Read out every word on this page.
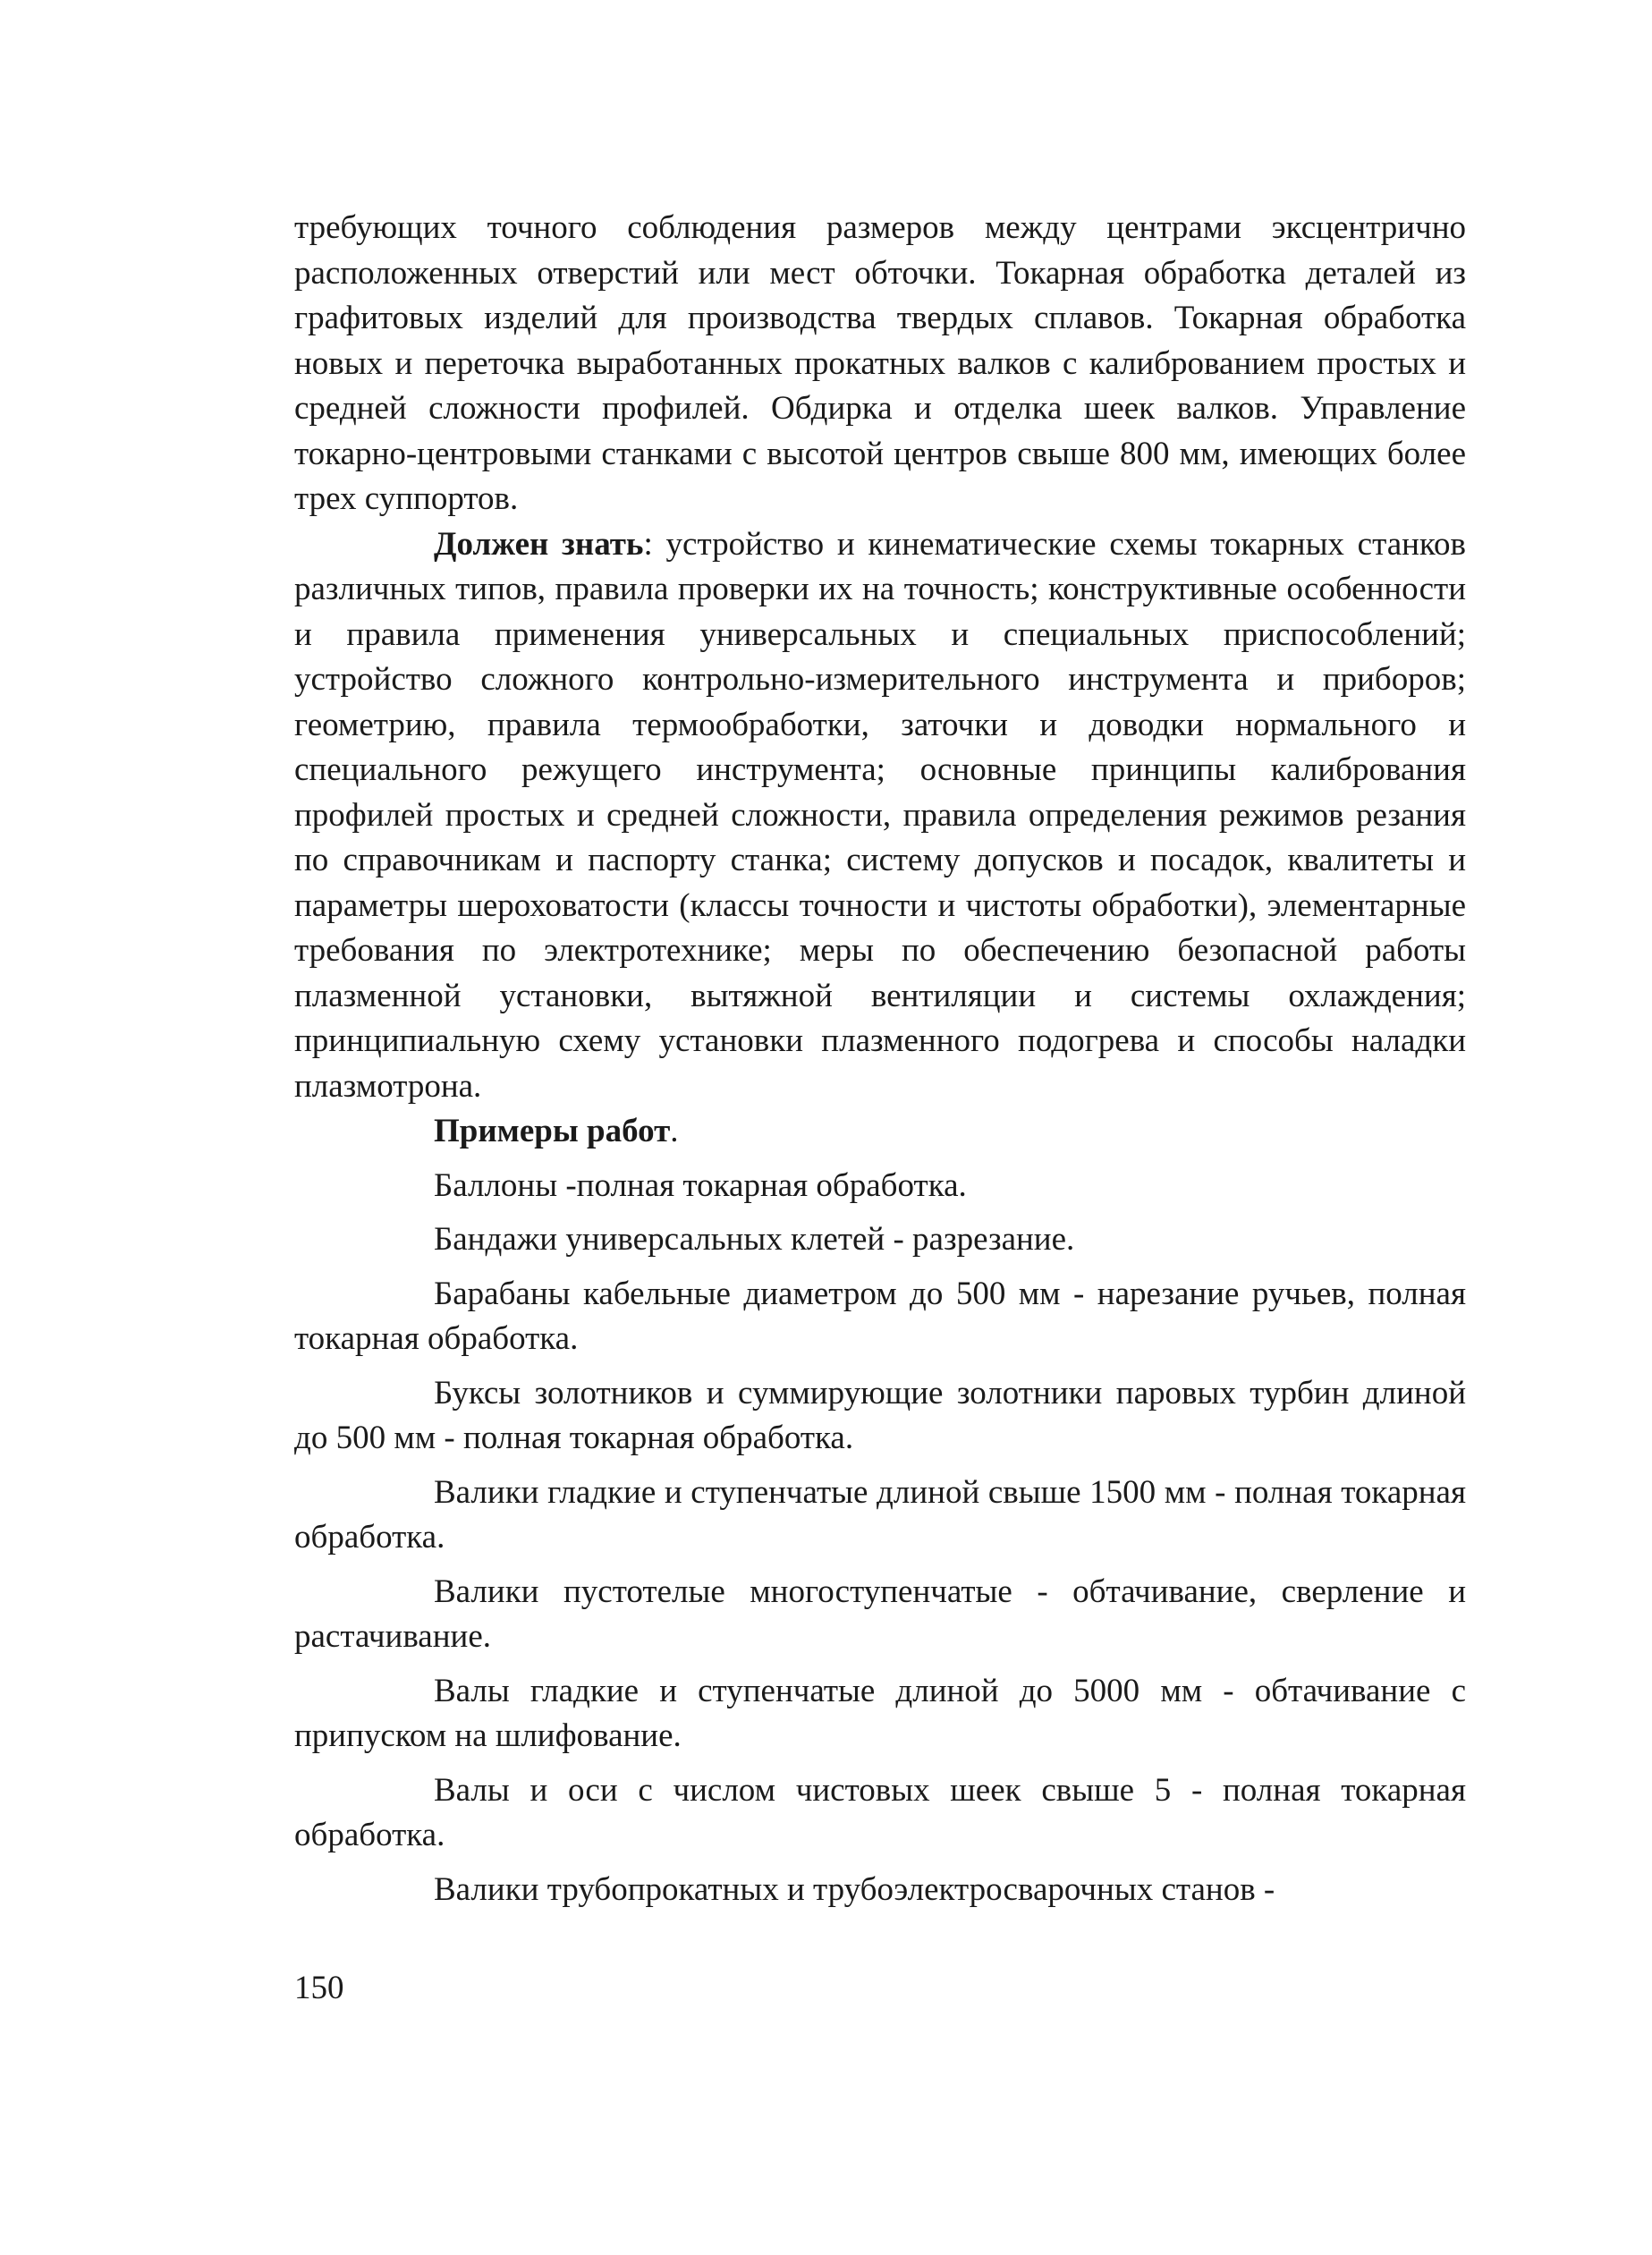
требующих точного соблюдения размеров между центрами эксцентрично расположенных отверстий или мест обточки. Токарная обработка деталей из графитовых изделий для производства твердых сплавов. Токарная обработка новых и переточка выработанных прокатных валков с калиброванием простых и средней сложности профилей. Обдирка и отделка шеек валков. Управление токарно-центровыми станками с высотой центров свыше 800 мм, имеющих более трех суппортов.

Должен знать: устройство и кинематические схемы токарных станков различных типов, правила проверки их на точность; конструктивные особенности и правила применения универсальных и специальных приспособлений; устройство сложного контрольно-измерительного инструмента и приборов; геометрию, правила термообработки, заточки и доводки нормального и специального режущего инструмента; основные принципы калибрования профилей простых и средней сложности, правила определения режимов резания по справочникам и паспорту станка; систему допусков и посадок, квалитеты и параметры шероховатости (классы точности и чистоты обработки), элементарные требования по электротехнике; меры по обеспечению безопасной работы плазменной установки, вытяжной вентиляции и системы охлаждения; принципиальную схему установки плазменного подогрева и способы наладки плазмотрона.

Примеры работ.

Баллоны -полная токарная обработка.

Бандажи универсальных клетей - разрезание.

Барабаны кабельные диаметром до 500 мм - нарезание ручьев, полная токарная обработка.

Буксы золотников и суммирующие золотники паровых турбин длиной до 500 мм - полная токарная обработка.

Валики гладкие и ступенчатые длиной свыше 1500 мм - полная токарная обработка.

Валики пустотелые многоступенчатые - обтачивание, сверление и растачивание.

Валы гладкие и ступенчатые длиной до 5000 мм - обтачивание с припуском на шлифование.

Валы и оси с числом чистовых шеек свыше 5 - полная токарная обработка.

Валики трубопрокатных и трубоэлектросварочных станов -

150
